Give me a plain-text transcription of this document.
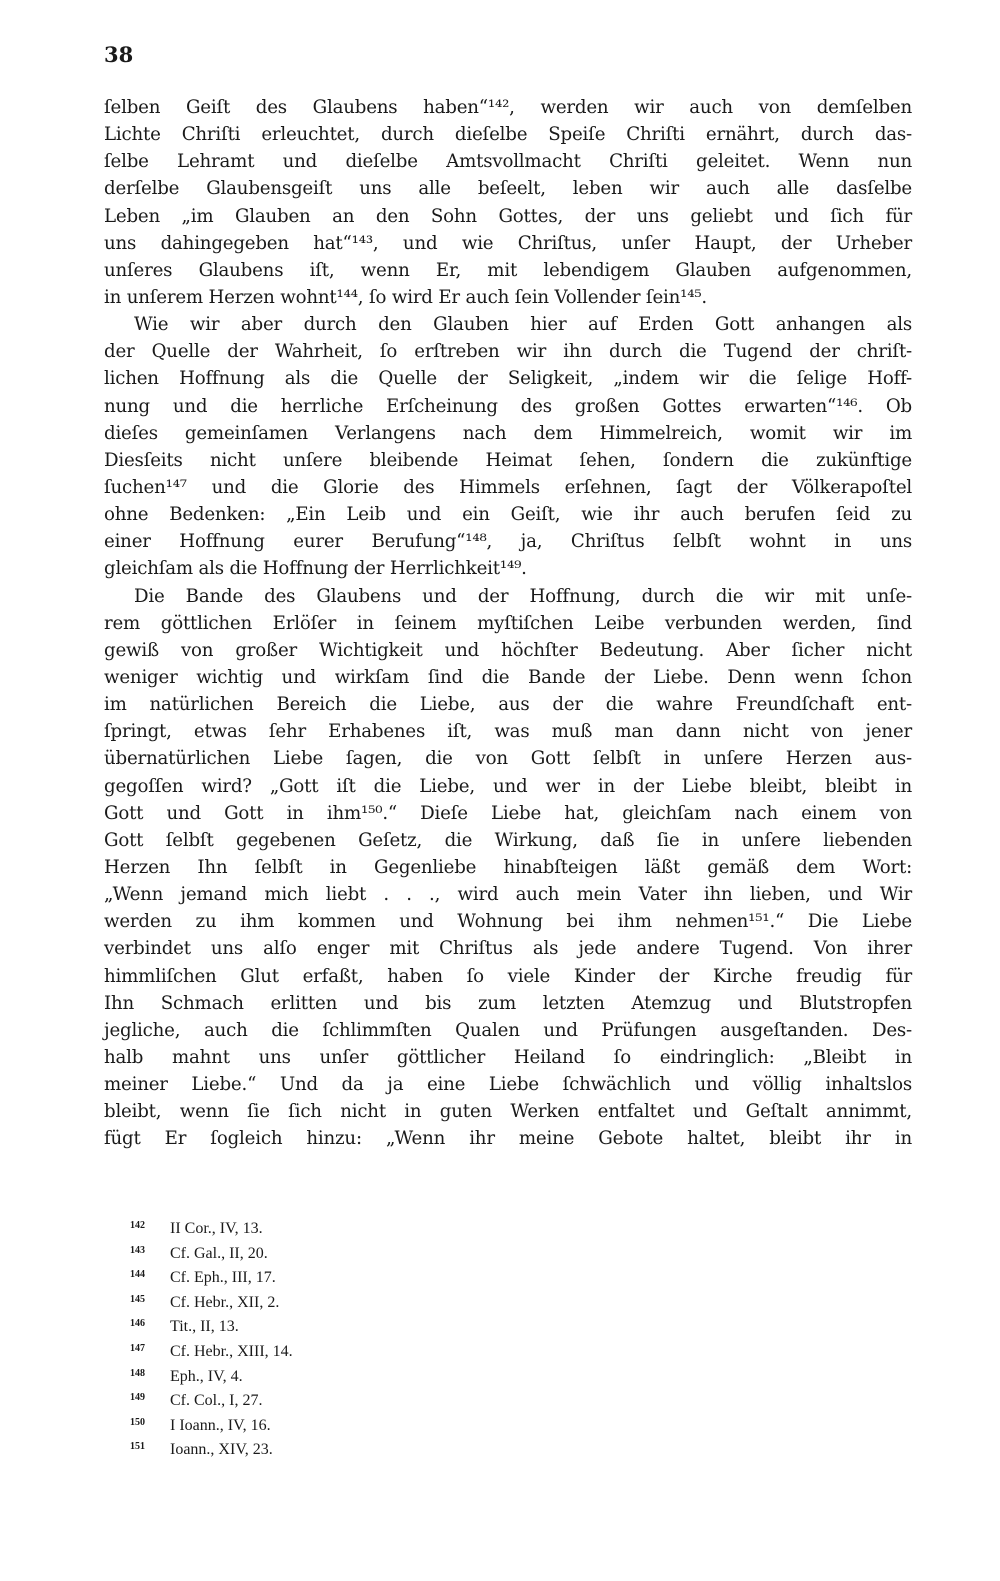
38
ſelben Geiſt des Glaubens haben“¹⁴², werden wir auch von demſelben
Lichte Chriſti erleuchtet, durch dieſelbe Speiſe Chriſti ernährt, durch das-
ſelbe Lehramt und dieſelbe Amtsvollmacht Chriſti geleitet. Wenn nun
derſelbe Glaubensgeiſt uns alle beſeelt, leben wir auch alle dasſelbe
Leben „im Glauben an den Sohn Gottes, der uns geliebt und ſich für
uns dahingegeben hat“¹⁴³, und wie Chriſtus, unſer Haupt, der Urheber
unſeres Glaubens iſt, wenn Er, mit lebendigem Glauben aufgenommen,
in unſerem Herzen wohnt¹⁴⁴, ſo wird Er auch ſein Vollender ſein¹⁴⁵.
Wie wir aber durch den Glauben hier auf Erden Gott anhangen als
der Quelle der Wahrheit, ſo erſtreben wir ihn durch die Tugend der chriſt-
lichen Hoffnung als die Quelle der Seligkeit, „indem wir die ſelige Hoff-
nung und die herrliche Erſcheinung des großen Gottes erwarten“¹⁴⁶. Ob
dieſes gemeinſamen Verlangens nach dem Himmelreich, womit wir im
Diesſeits nicht unſere bleibende Heimat ſehen, ſondern die zukünftige
ſuchen¹⁴⁷ und die Glorie des Himmels erſehnen, ſagt der Völkerapoſtel
ohne Bedenken: „Ein Leib und ein Geiſt, wie ihr auch berufen ſeid zu
einer Hoffnung eurer Berufung“¹⁴⁸, ja, Chriſtus ſelbſt wohnt in uns
gleichſam als die Hoffnung der Herrlichkeit¹⁴⁹.
Die Bande des Glaubens und der Hoffnung, durch die wir mit unſe-
rem göttlichen Erlöſer in ſeinem myſtiſchen Leibe verbunden werden, ſind
gewiß von großer Wichtigkeit und höchſter Bedeutung. Aber ſicher nicht
weniger wichtig und wirkſam ſind die Bande der Liebe. Denn wenn ſchon
im natürlichen Bereich die Liebe, aus der die wahre Freundſchaft ent-
ſpringt, etwas ſehr Erhabenes iſt, was muß man dann nicht von jener
übernatürlichen Liebe ſagen, die von Gott ſelbſt in unſere Herzen aus-
gegoſſen wird? „Gott iſt die Liebe, und wer in der Liebe bleibt, bleibt in
Gott und Gott in ihm¹⁵⁰.“ Dieſe Liebe hat, gleichſam nach einem von
Gott ſelbſt gegebenen Geſetz, die Wirkung, daß ſie in unſere liebenden
Herzen Ihn ſelbſt in Gegenliebe hinabſteigen läßt gemäß dem Wort:
„Wenn jemand mich liebt . . ., wird auch mein Vater ihn lieben, und Wir
werden zu ihm kommen und Wohnung bei ihm nehmen¹⁵¹.“ Die Liebe
verbindet uns alſo enger mit Chriſtus als jede andere Tugend. Von ihrer
himmliſchen Glut erfaßt, haben ſo viele Kinder der Kirche freudig für
Ihn Schmach erlitten und bis zum letzten Atemzug und Blutstropfen
jegliche, auch die ſchlimmſten Qualen und Prüfungen ausgeſtanden. Des-
halb mahnt uns unſer göttlicher Heiland ſo eindringlich: „Bleibt in
meiner Liebe.“ Und da ja eine Liebe ſchwächlich und völlig inhaltslos
bleibt, wenn ſie ſich nicht in guten Werken entfaltet und Geſtalt annimmt,
fügt Er ſogleich hinzu: „Wenn ihr meine Gebote haltet, bleibt ihr in
142 II Cor., IV, 13.
143 Cf. Gal., II, 20.
144 Cf. Eph., III, 17.
145 Cf. Hebr., XII, 2.
146 Tit., II, 13.
147 Cf. Hebr., XIII, 14.
148 Eph., IV, 4.
149 Cf. Col., I, 27.
150 I Ioann., IV, 16.
151 Ioann., XIV, 23.
